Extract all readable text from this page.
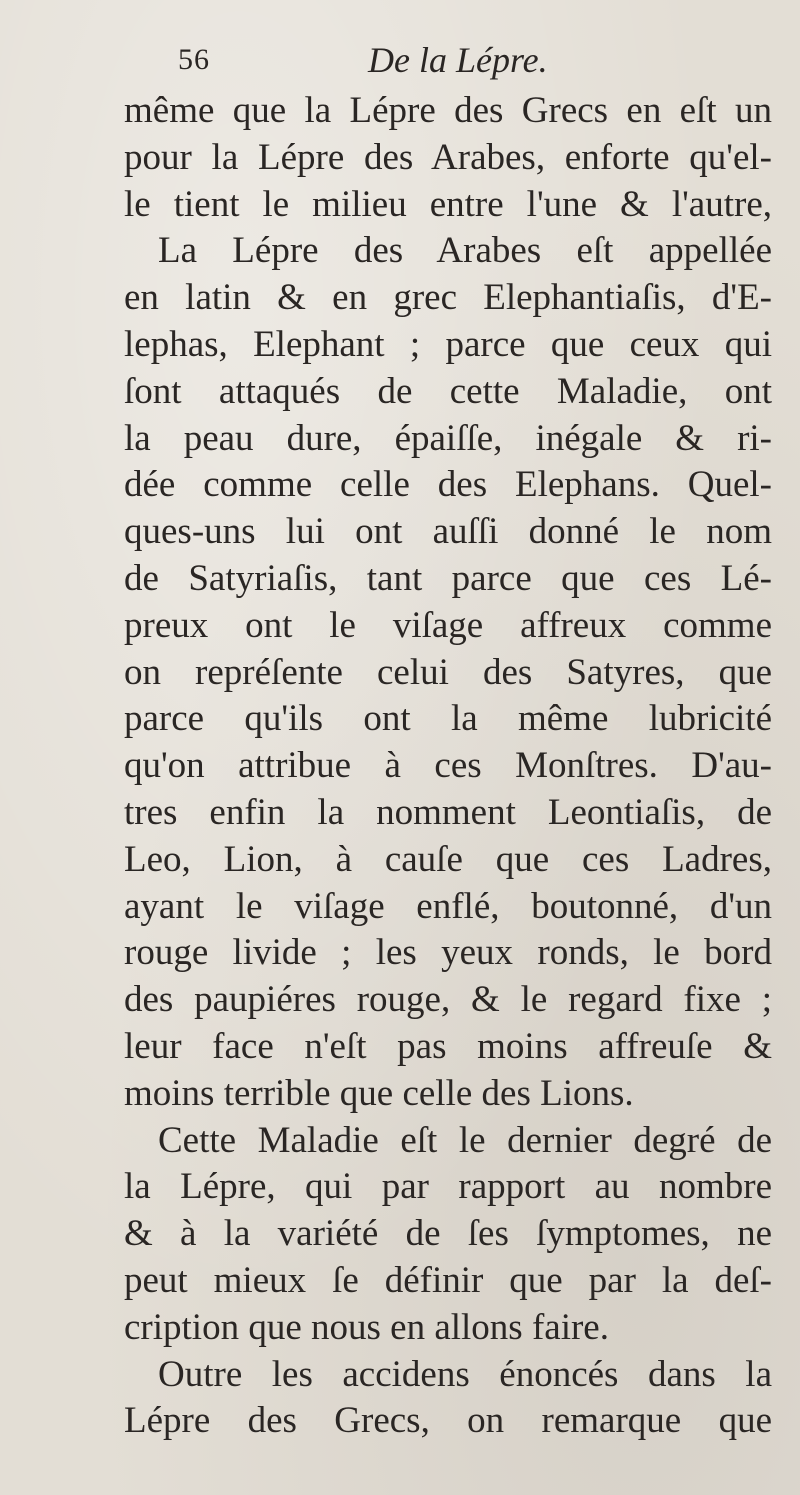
56	De la Lépre.
même que la Lépre des Grecs en eſt un
pour la Lépre des Arabes, enforte qu'el-
le tient le milieu entre l'une & l'autre,
La Lépre des Arabes eſt appellée
en latin & en grec Elephantiaſis, d'E-
lephas, Elephant ; parce que ceux qui
ſont attaqués de cette Maladie, ont
la peau dure, épaiſſe, inégale & ri-
dée comme celle des Elephans. Quel-
ques-uns lui ont auſſi donné le nom
de Satyriaſis, tant parce que ces Lé-
preux ont le viſage affreux comme
on repréſente celui des Satyres, que
parce qu'ils ont la même lubricité
qu'on attribue à ces Monſtres. D'au-
tres enfin la nomment Leontiaſis, de
Leo, Lion, à cauſe que ces Ladres,
ayant le viſage enflé, boutonné, d'un
rouge livide ; les yeux ronds, le bord
des paupiéres rouge, & le regard fixe ;
leur face n'eſt pas moins affreuſe &
moins terrible que celle des Lions.
Cette Maladie eſt le dernier degré de
la Lépre, qui par rapport au nombre
& à la variété de ſes ſymptomes, ne
peut mieux ſe définir que par la deſ-
cription que nous en allons faire.
Outre les accidens énoncés dans la
Lépre des Grecs, on remarque que
